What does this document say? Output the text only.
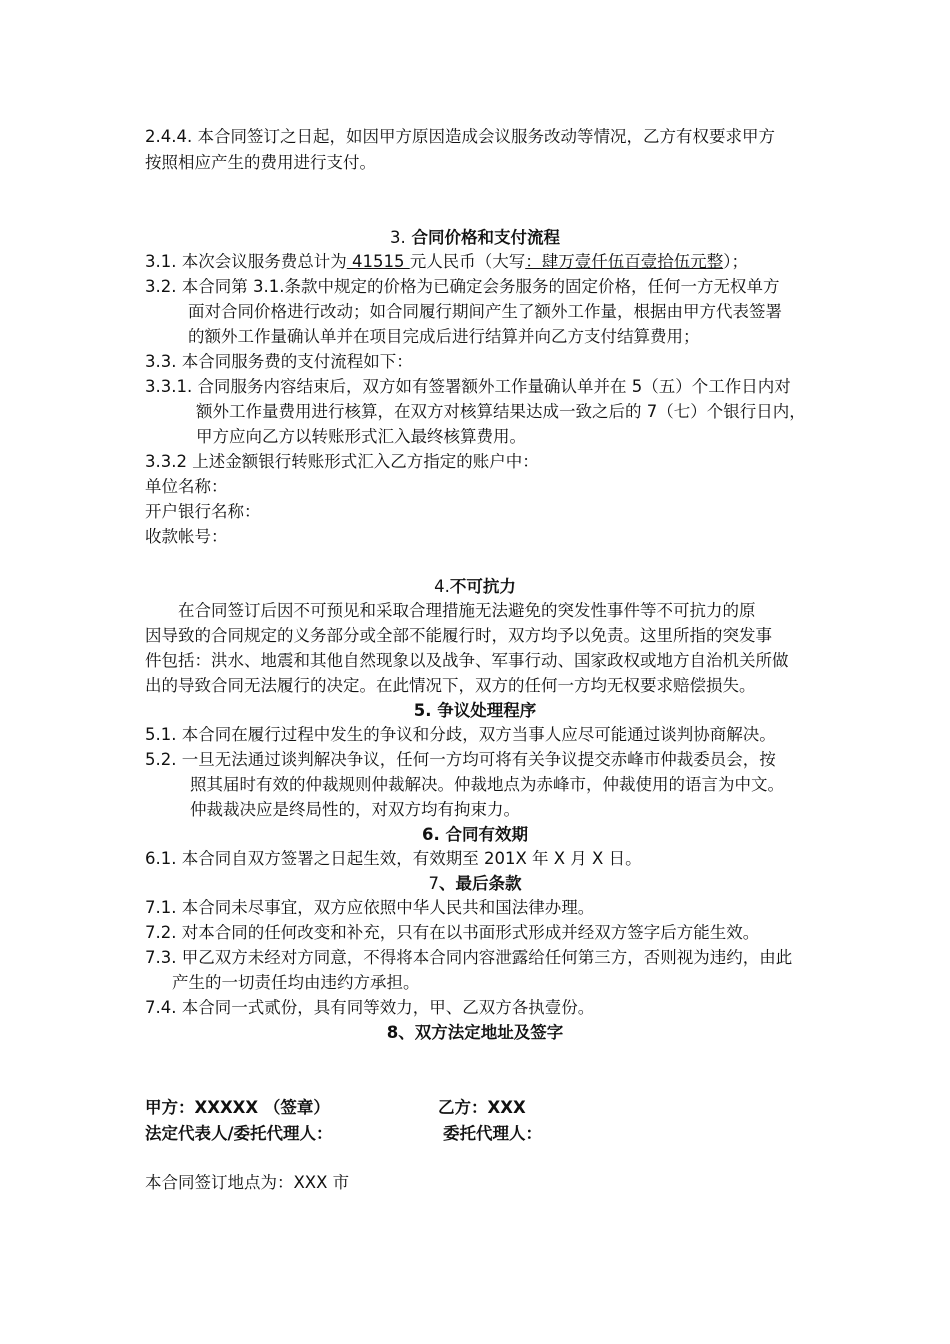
2.4.4. 本合同签订之日起，如因甲方原因造成会议服务改动等情况，乙方有权要求甲方
按照相应产生的费用进行支付。
3. 合同价格和支付流程
3.1. 本次会议服务费总计为 41515 元人民币（大写：肆万壹仟伍百壹拾伍元整）；
3.2. 本合同第 3.1.条款中规定的价格为已确定会务服务的固定价格，任何一方无权单方
面对合同价格进行改动；如合同履行期间产生了额外工作量，根据由甲方代表签署
的额外工作量确认单并在项目完成后进行结算并向乙方支付结算费用；
3.3. 本合同服务费的支付流程如下：
3.3.1. 合同服务内容结束后，双方如有签署额外工作量确认单并在 5（五）个工作日内对
额外工作量费用进行核算，在双方对核算结果达成一致之后的 7（七）个银行日内，
甲方应向乙方以转账形式汇入最终核算费用。
3.3.2 上述金额银行转账形式汇入乙方指定的账户中：
单位名称：
开户银行名称：
收款帐号：
4.不可抗力
在合同签订后因不可预见和采取合理措施无法避免的突发性事件等不可抗力的原
因导致的合同规定的义务部分或全部不能履行时，双方均予以免责。这里所指的突发事
件包括：洪水、地震和其他自然现象以及战争、军事行动、国家政权或地方自治机关所做
出的导致合同无法履行的决定。在此情况下，双方的任何一方均无权要求赔偿损失。
5. 争议处理程序
5.1. 本合同在履行过程中发生的争议和分歧，双方当事人应尽可能通过谈判协商解决。
5.2. 一旦无法通过谈判解决争议，任何一方均可将有关争议提交赤峰市仲裁委员会，按
照其届时有效的仲裁规则仲裁解决。仲裁地点为赤峰市，仲裁使用的语言为中文。
仲裁裁决应是终局性的，对双方均有拘束力。
6. 合同有效期
6.1. 本合同自双方签署之日起生效，有效期至 201X 年 X 月 X 日。
7、最后条款
7.1. 本合同未尽事宜，双方应依照中华人民共和国法律办理。
7.2. 对本合同的任何改变和补充，只有在以书面形式形成并经双方签字后方能生效。
7.3. 甲乙双方未经对方同意，不得将本合同内容泄露给任何第三方，否则视为违约，由此
产生的一切责任均由违约方承担。
7.4. 本合同一式贰份，具有同等效力，甲、乙双方各执壹份。
8、双方法定地址及签字
甲方：XXXXX （签章）	乙方：XXX
法定代表人/委托代理人：	委托代理人：
本合同签订地点为：XXX 市
